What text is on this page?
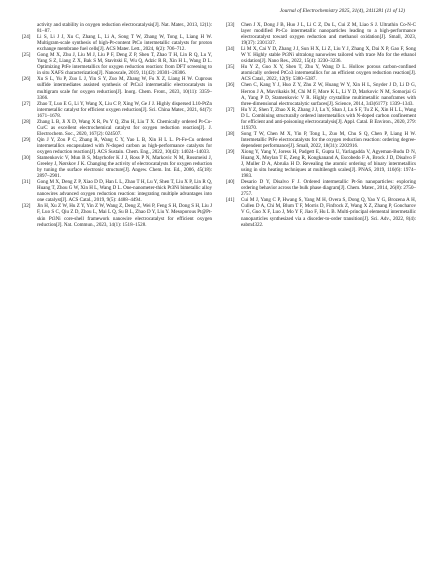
Journal of Electrochemistry 2025, 31(4), 2411281 (11 of 12)
activity and stability in oxygen reduction electrocatalysis[J]. Nat. Mater., 2013, 12(1): 81–87.
[24]	Li S, Li J J, Xu C, Zhang L, Li A, Song T W, Zhang W, Tong L, Liang H W. Multigram-scale synthesis of high-Pt-content PtCo intermetallic catalysts for proton exchange membrane fuel cells[J]. ACS Mater. Lett., 2024, 6(2): 706–712.
[25]	Gong M X, Zhu J, Liu M J, Liu P F, Deng Z P, Shen T, Zhao T H, Lin R Q, Lu Y, Yang S Z, Liang Z X, Bak S M, Stavitski E, Wu Q, Adzic R R, Xin H L, Wang D L. Optimizing PtFe intermetallics for oxygen reduction reaction: from DFT screening to in situ XAFS characterization[J]. Nanoscale, 2019, 11(42): 20301–20306.
[26]	Xu S L, Yu P, Zuo L J, Yin S Y, Zuo M, Zhang W, Fu X Z, Liang H W. Cuprous sulfide intermediates assisted synthesis of PtCu3 intermetallic electrocatalysts in multigram scale for oxygen reduction[J]. Inorg. Chem. Front., 2023, 10(11): 3359–3366.
[27]	Zhao T, Luo E G, Li Y, Wang X, Liu C P, Xing W, Ge J J. Highly dispersed L10-PtZn intermetallic catalyst for efficient oxygen reduction[J]. Sci. China Mater., 2021, 64(7): 1671–1678.
[28]	Zhang L B, Ji X D, Wang X R, Pu Y Q, Zhu H, Liu T X. Chemically ordered Pt-Co-Cu/C as excellent electrochemical catalyst for oxygen reduction reaction[J]. J. Electrochem. Soc., 2020, 167(2): 024507.
[29]	Qin J Y, Zou P C, Zhang R, Wang C Y, Yao L B, Xin H L L. Pt-Fe-Cu ordered intermetallics encapsulated with N-doped carbon as high-performance catalysts for oxygen reduction reaction[J]. ACS Sustain. Chem. Eng., 2022, 10(42): 14024–14033.
[30]	Stamenkovic V, Mun B S, Mayrhofer K J J, Ross P N, Markovic N M, Rossmeisl J, Greeley J, Nørskov J K. Changing the activity of electrocatalysts for oxygen reduction by tuning the surface electronic structure[J]. Angew. Chem. Int. Ed., 2006, 45(18): 2897–2901.
[31]	Gong M X, Deng Z P, Xiao D D, Han L L, Zhao T H, Lu Y, Shen T, Liu X P, Lin R Q, Huang T, Zhou G W, Xin H L, Wang D L. One-nanometer-thick Pt3Ni bimetallic alloy nanowires advanced oxygen reduction reaction: integrating multiple advantages into one catalyst[J]. ACS Catal., 2019, 9(5): 4488–4494.
[32]	Jin H, Xu Z W, Hu Z Y, Yin Z W, Wang Z, Deng Z, Wei P, Feng S H, Dong S H, Liu J F, Luo S C, Qiu Z D, Zhou L, Mai L Q, Su B L, Zhao D Y, Liu Y. Mesoporous Pt@Pt-skin Pt3Ni core-shell framework nanowire electrocatalyst for efficient oxygen reduction[J]. Nat. Commun., 2023, 14(1): 1518–1528.
[33]	Chen J X, Dong J B, Huo J L, Li C Z, Du L, Cui Z M, Liao S J. Ultrathin Co-N-C layer modified Pt-Co intermetallic nanoparticles leading to a high-performance electrocatalyst toward oxygen reduction and methanol oxidation[J]. Small, 2023, 19(37): 2301337.
[34]	Li M X, Cai Y D, Zhang J J, Sun H X, Li Z, Liu Y J, Zhang X, Dai X P, Gao F, Song W Y. Highly stable Pt3Ni ultralong nanowires tailored with trace Mo for the ethanol oxidation[J]. Nano Res., 2022, 15(4): 3230–3236.
[35]	Hu Y Z, Guo X Y, Shen T, Zhu Y, Wang D L. Hollow porous carbon-confined atomically ordered PtCo3 intermetallics for an efficient oxygen reduction reaction[J]. ACS Catal., 2022, 12(9): 5380–5387.
[36]	Chen C, Kang Y J, Huo Z Y, Zhu Z W, Huang W Y, Xin H L, Snyder J D, Li D G, Herron J A, Mavrikakis M, Chi M F, More K L, Li Y D, Markovic N M, Somorjai G A, Yang P D, Stamenkovic V R. Highly crystalline multimetallic nanoframes with three-dimensional electrocatalytic surfaces[J]. Science, 2014, 343(6177): 1339–1343.
[37]	Hu Y Z, Shen T, Zhao X R, Zhang J J, Lu Y, Shan J, Lu S F, Tu Z K, Xin H L L, Wang D L. Combining structurally ordered intermetallics with N-doped carbon confinement for efficient and anti-poisoning electrocatalysis[J]. Appl. Catal. B Environ., 2020, 279: 119370.
[38]	Song T W, Chen M X, Yin P, Tong L, Zuo M, Chu S Q, Chen P, Liang H W. Intermetallic PtFe electrocatalysts for the oxygen reduction reaction: ordering degree-dependent performance[J]. Small, 2022, 18(31): 2202916.
[39]	Xiong Y, Yang Y, Joress H, Padgett E, Gupta U, Yarlagadda V, Agyeman-Budu D N, Huang X, Moylan T E, Zeng R, Kongkanand A, Escobedo F A, Brock J D, Disalvo F J, Muller D A, Abruña H D. Revealing the atomic ordering of binary intermetallics using in situ heating techniques at multilength scales[J]. PNAS, 2019, 116(6): 1974–1983.
[40]	Desario D Y, Disalvo F J. Ordered intermetallic Pt-Sn nanoparticles: exploring ordering behavior across the bulk phase diagram[J]. Chem. Mater., 2014, 26(8): 2750–2757.
[41]	Cui M J, Yang C P, Hwang S, Yang M H, Overa S, Dong Q, Yao Y G, Brozena A H, Cullen D A, Chi M, Blum T F, Morris D, Finfrock Z, Wang X Z, Zhang P, Goncharov V G, Guo X F, Luo J, Mo Y F, Jiao F, Hu L B. Multi-principal elemental intermetallic nanoparticles synthesized via a disorder-to-order transition[J]. Sci. Adv., 2022, 8(4): eabm4322.
